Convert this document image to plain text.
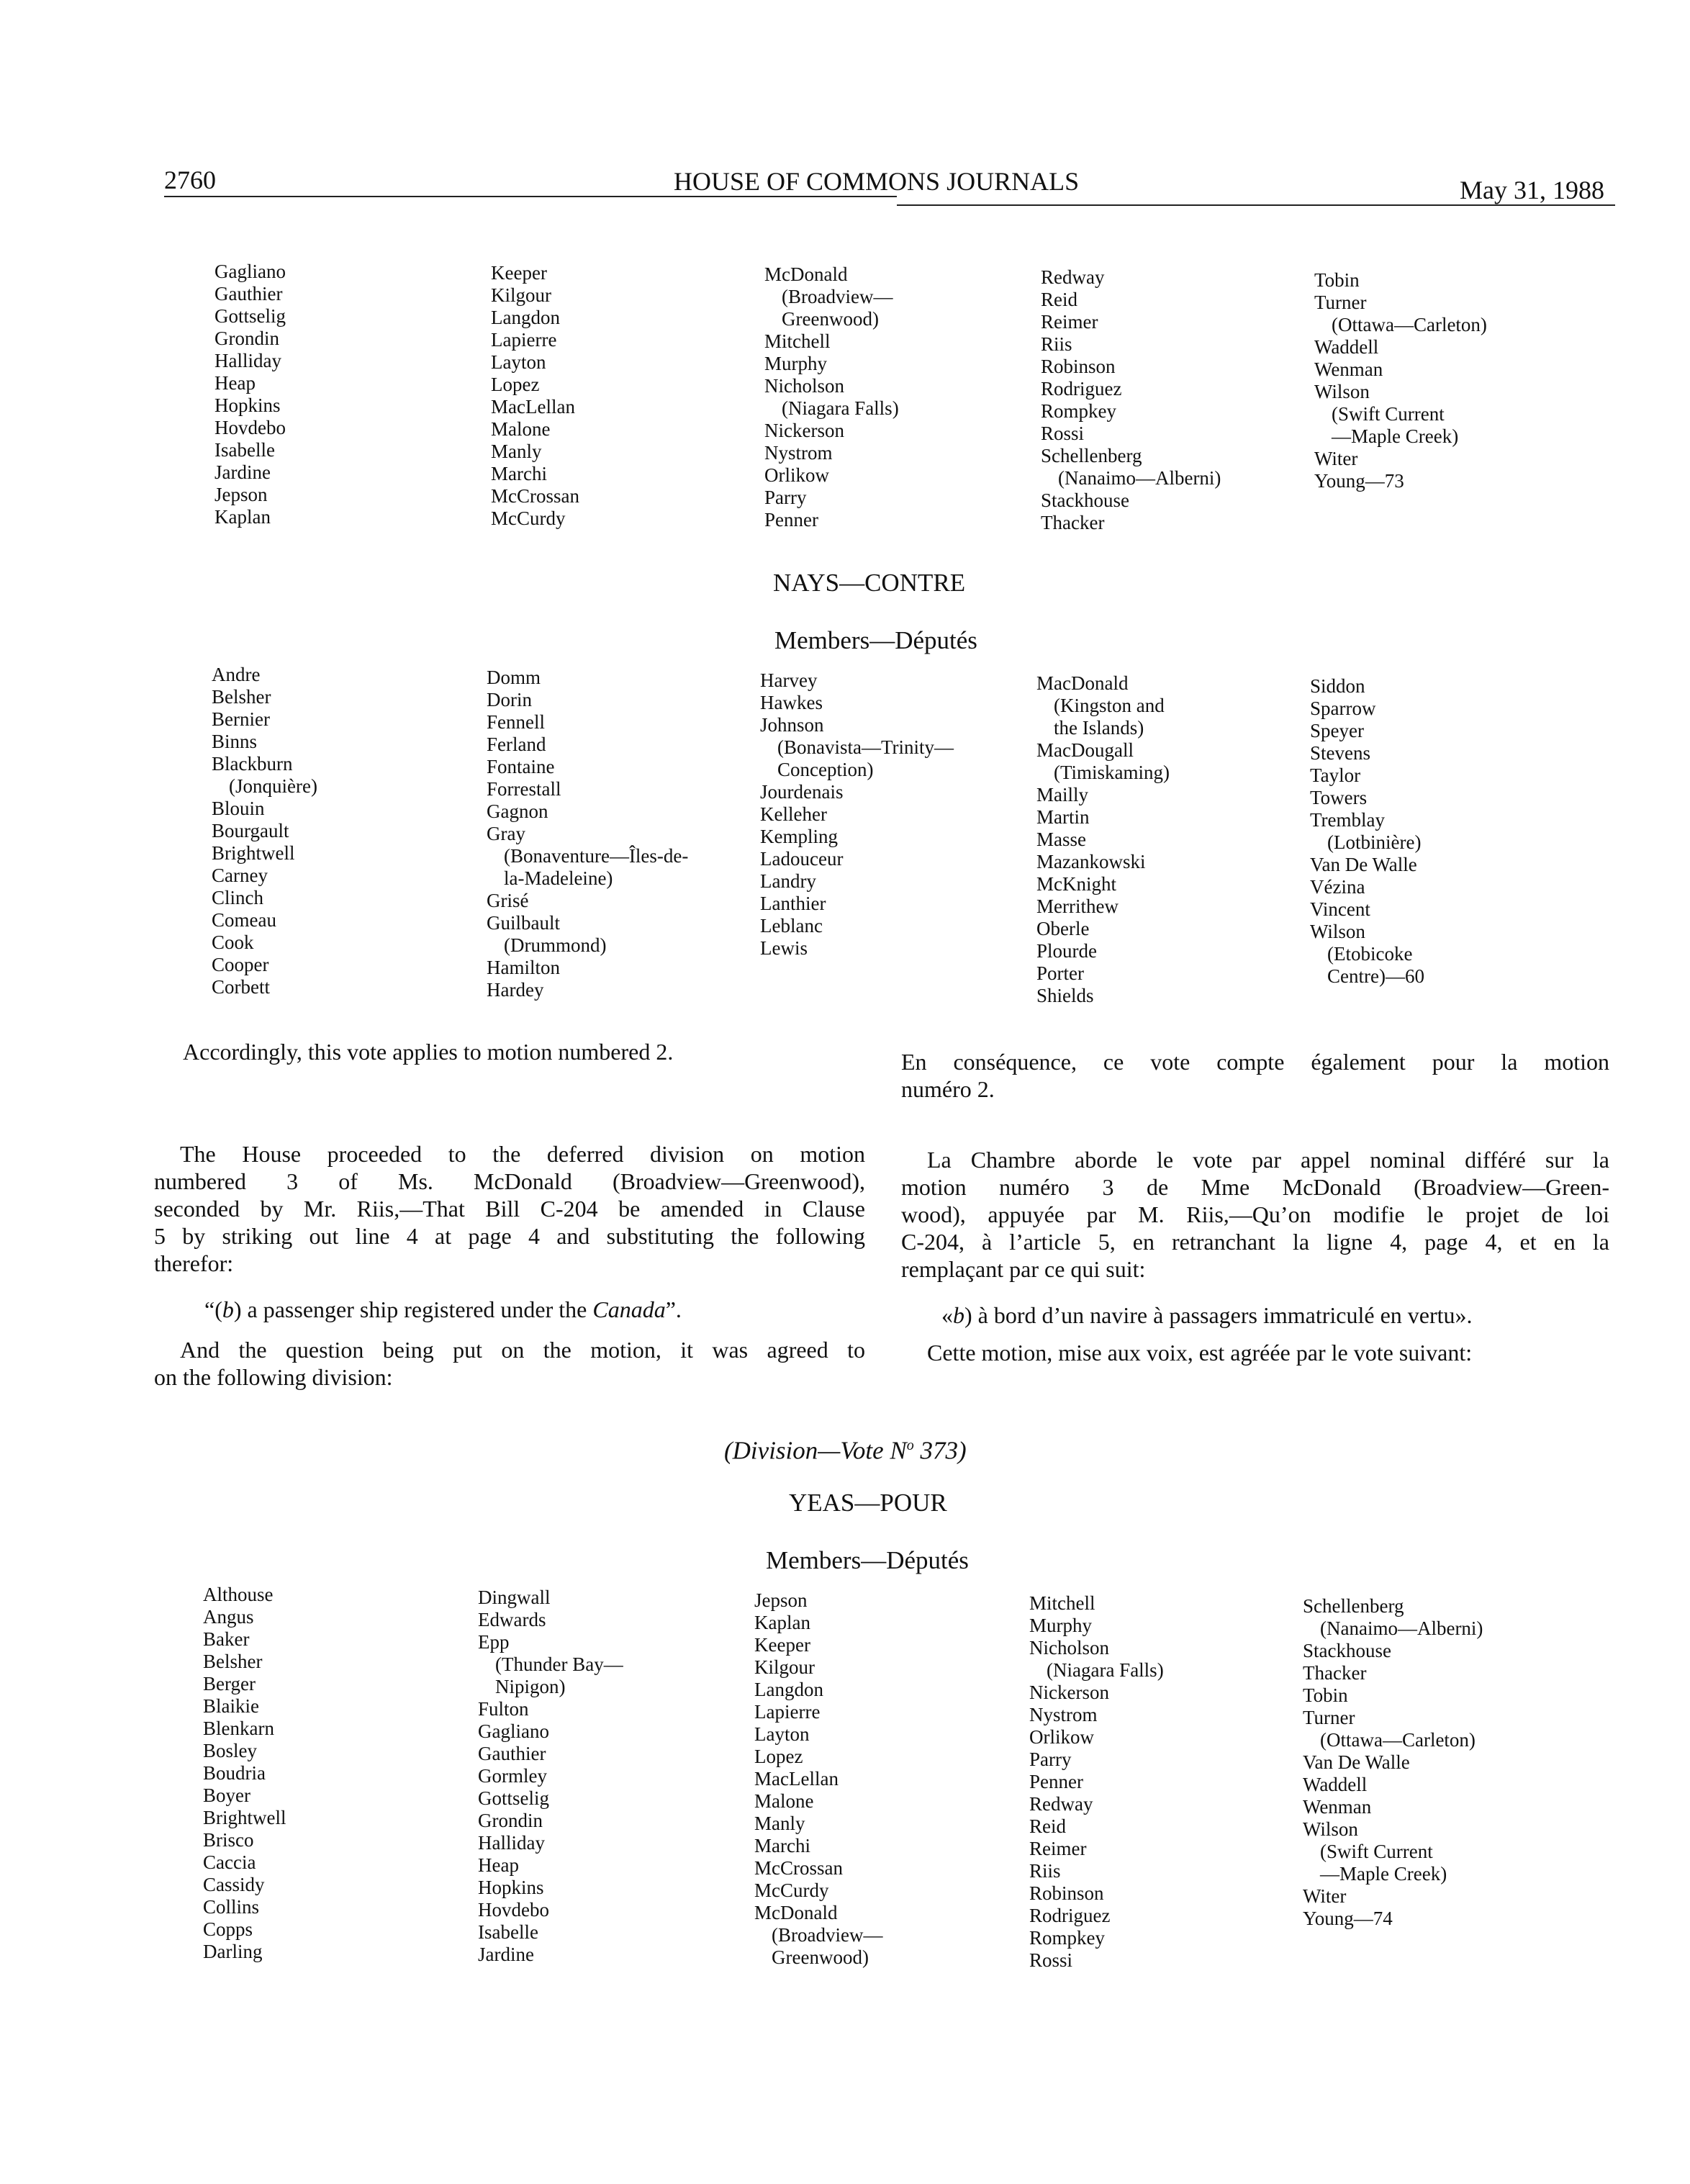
2760	HOUSE OF COMMONS JOURNALS	May 31, 1988
Gagliano
Gauthier
Gottselig
Grondin
Halliday
Heap
Hopkins
Hovdebo
Isabelle
Jardine
Jepson
Kaplan
Keeper
Kilgour
Langdon
Lapierre
Layton
Lopez
MacLellan
Malone
Manly
Marchi
McCrossan
McCurdy
McDonald
(Broadview—
Greenwood)
Mitchell
Murphy
Nicholson
(Niagara Falls)
Nickerson
Nystrom
Orlikow
Parry
Penner
Redway
Reid
Reimer
Riis
Robinson
Rodriguez
Rompkey
Rossi
Schellenberg
(Nanaimo—Alberni)
Stackhouse
Thacker
Tobin
Turner
(Ottawa—Carleton)
Waddell
Wenman
Wilson
(Swift Current
—Maple Creek)
Witer
Young—73
NAYS—CONTRE
Members—Députés
Andre
Belsher
Bernier
Binns
Blackburn
(Jonquière)
Blouin
Bourgault
Brightwell
Carney
Clinch
Comeau
Cook
Cooper
Corbett
Domm
Dorin
Fennell
Ferland
Fontaine
Forrestall
Gagnon
Gray
(Bonaventure—Îles-de-
la-Madeleine)
Grisé
Guilbault
(Drummond)
Hamilton
Hardey
Harvey
Hawkes
Johnson
(Bonavista—Trinity—
Conception)
Jourdenais
Kelleher
Kempling
Ladouceur
Landry
Lanthier
Leblanc
Lewis
MacDonald
(Kingston and
the Islands)
MacDougall
(Timiskaming)
Mailly
Martin
Masse
Mazankowski
McKnight
Merrithew
Oberle
Plourde
Porter
Shields
Siddon
Sparrow
Speyer
Stevens
Taylor
Towers
Tremblay
(Lotbinière)
Van De Walle
Vézina
Vincent
Wilson
(Etobicoke
Centre)—60
Accordingly, this vote applies to motion numbered 2.	En conséquence, ce vote compte également pour la motion
numéro 2.
The House proceeded to the deferred division on motion
numbered 3 of Ms. McDonald (Broadview—Greenwood),
seconded by Mr. Riis,—That Bill C-204 be amended in Clause
5 by striking out line 4 at page 4 and substituting the following
therefor:
“(b) a passenger ship registered under the Canada”.
And the question being put on the motion, it was agreed to
on the following division:
La Chambre aborde le vote par appel nominal différé sur la
motion numéro 3 de Mme McDonald (Broadview—Green-
wood), appuyée par M. Riis,—Qu’on modifie le projet de loi
C-204, à l’article 5, en retranchant la ligne 4, page 4, et en la
remplaçant par ce qui suit:
«b) à bord d’un navire à passagers immatriculé en vertu».
Cette motion, mise aux voix, est agréée par le vote suivant:
(Division—Vote $N^o$ 373)
YEAS—POUR
Members—Députés
Althouse
Angus
Baker
Belsher
Berger
Blaikie
Blenkarn
Bosley
Boudria
Boyer
Brightwell
Brisco
Caccia
Cassidy
Collins
Copps
Darling
Dingwall
Edwards
Epp
(Thunder Bay—
Nipigon)
Fulton
Gagliano
Gauthier
Gormley
Gottselig
Grondin
Halliday
Heap
Hopkins
Hovdebo
Isabelle
Jardine
Jepson
Kaplan
Keeper
Kilgour
Langdon
Lapierre
Layton
Lopez
MacLellan
Malone
Manly
Marchi
McCrossan
McCurdy
McDonald
(Broadview—
Greenwood)
Mitchell
Murphy
Nicholson
(Niagara Falls)
Nickerson
Nystrom
Orlikow
Parry
Penner
Redway
Reid
Reimer
Riis
Robinson
Rodriguez
Rompkey
Rossi
Schellenberg
(Nanaimo—Alberni)
Stackhouse
Thacker
Tobin
Turner
(Ottawa—Carleton)
Van De Walle
Waddell
Wenman
Wilson
(Swift Current
—Maple Creek)
Witer
Young—74
